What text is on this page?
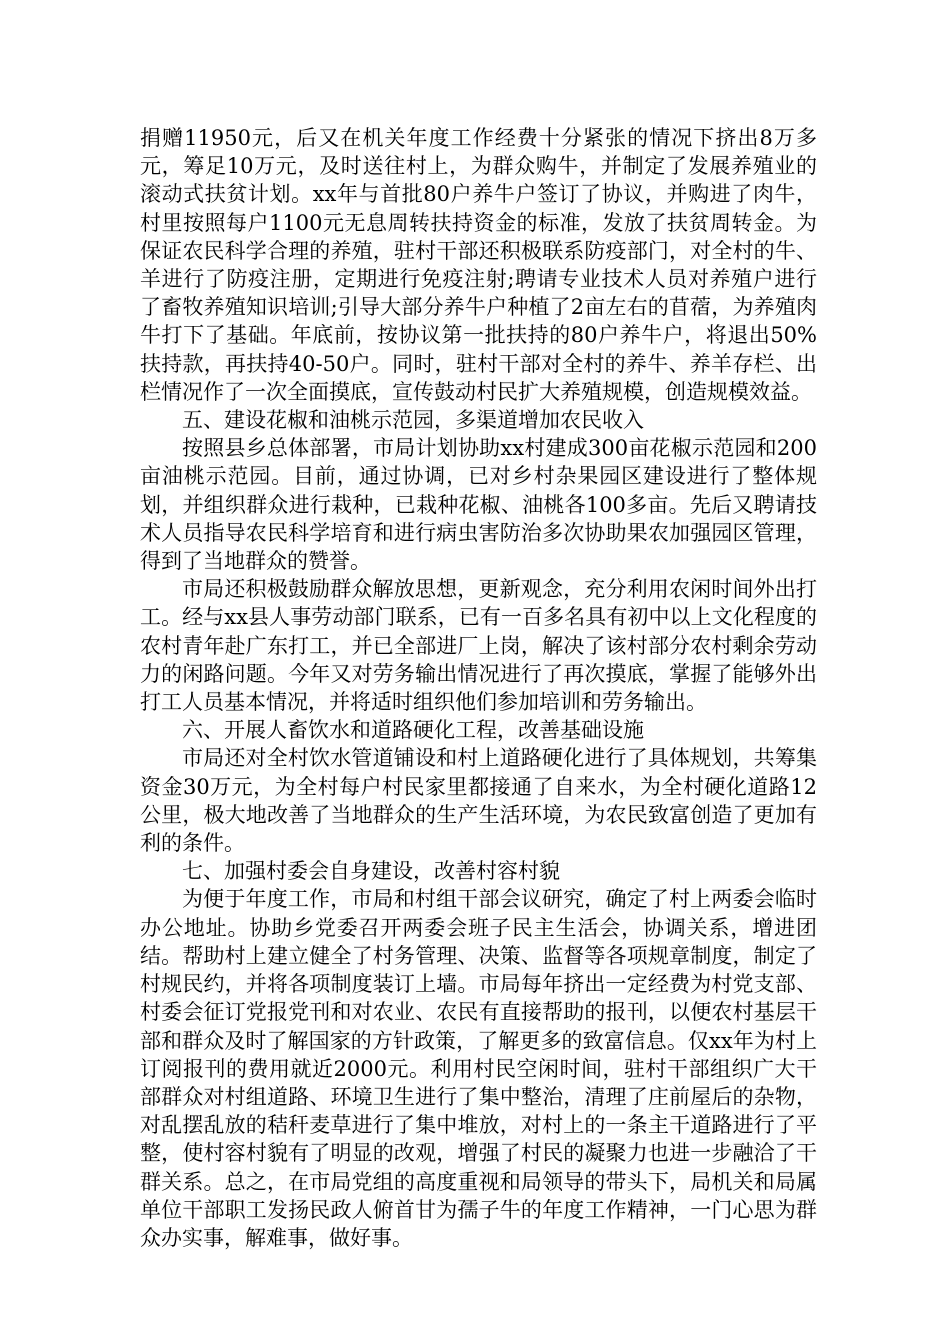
捐赠11950元，后又在机关年度工作经费十分紧张的情况下挤出8万多元，筹足10万元，及时送往村上，为群众购牛，并制定了发展养殖业的滚动式扶贫计划。xx年与首批80户养牛户签订了协议，并购进了肉牛，村里按照每户1100元无息周转扶持资金的标准，发放了扶贫周转金。为保证农民科学合理的养殖，驻村干部还积极联系防疫部门，对全村的牛、羊进行了防疫注册，定期进行免疫注射;聘请专业技术人员对养殖户进行了畜牧养殖知识培训;引导大部分养牛户种植了2亩左右的苜蓿，为养殖肉牛打下了基础。年底前，按协议第一批扶持的80户养牛户，将退出50%扶持款，再扶持40-50户。同时，驻村干部对全村的养牛、养羊存栏、出栏情况作了一次全面摸底，宣传鼓动村民扩大养殖规模，创造规模效益。

五、建设花椒和油桃示范园，多渠道增加农民收入

按照县乡总体部署，市局计划协助xx村建成300亩花椒示范园和200亩油桃示范园。目前，通过协调，已对乡村杂果园区建设进行了整体规划，并组织群众进行栽种，已栽种花椒、油桃各100多亩。先后又聘请技术人员指导农民科学培育和进行病虫害防治多次协助果农加强园区管理，得到了当地群众的赞誉。

市局还积极鼓励群众解放思想，更新观念，充分利用农闲时间外出打工。经与xx县人事劳动部门联系，已有一百多名具有初中以上文化程度的农村青年赴广东打工，并已全部进厂上岗，解决了该村部分农村剩余劳动力的闲路问题。今年又对劳务输出情况进行了再次摸底，掌握了能够外出打工人员基本情况，并将适时组织他们参加培训和劳务输出。

六、开展人畜饮水和道路硬化工程，改善基础设施

市局还对全村饮水管道铺设和村上道路硬化进行了具体规划，共筹集资金30万元，为全村每户村民家里都接通了自来水，为全村硬化道路12公里，极大地改善了当地群众的生产生活环境，为农民致富创造了更加有利的条件。

七、加强村委会自身建设，改善村容村貌

为便于年度工作，市局和村组干部会议研究，确定了村上两委会临时办公地址。协助乡党委召开两委会班子民主生活会，协调关系，增进团结。帮助村上建立健全了村务管理、决策、监督等各项规章制度，制定了村规民约，并将各项制度装订上墙。市局每年挤出一定经费为村党支部、村委会征订党报党刊和对农业、农民有直接帮助的报刊，以便农村基层干部和群众及时了解国家的方针政策，了解更多的致富信息。仅xx年为村上订阅报刊的费用就近2000元。利用村民空闲时间，驻村干部组织广大干部群众对村组道路、环境卫生进行了集中整治，清理了庄前屋后的杂物，对乱摆乱放的秸秆麦草进行了集中堆放，对村上的一条主干道路进行了平整，使村容村貌有了明显的改观，增强了村民的凝聚力也进一步融洽了干群关系。总之，在市局党组的高度重视和局领导的带头下，局机关和局属单位干部职工发扬民政人俯首甘为孺子牛的年度工作精神，一门心思为群众办实事，解难事，做好事。
